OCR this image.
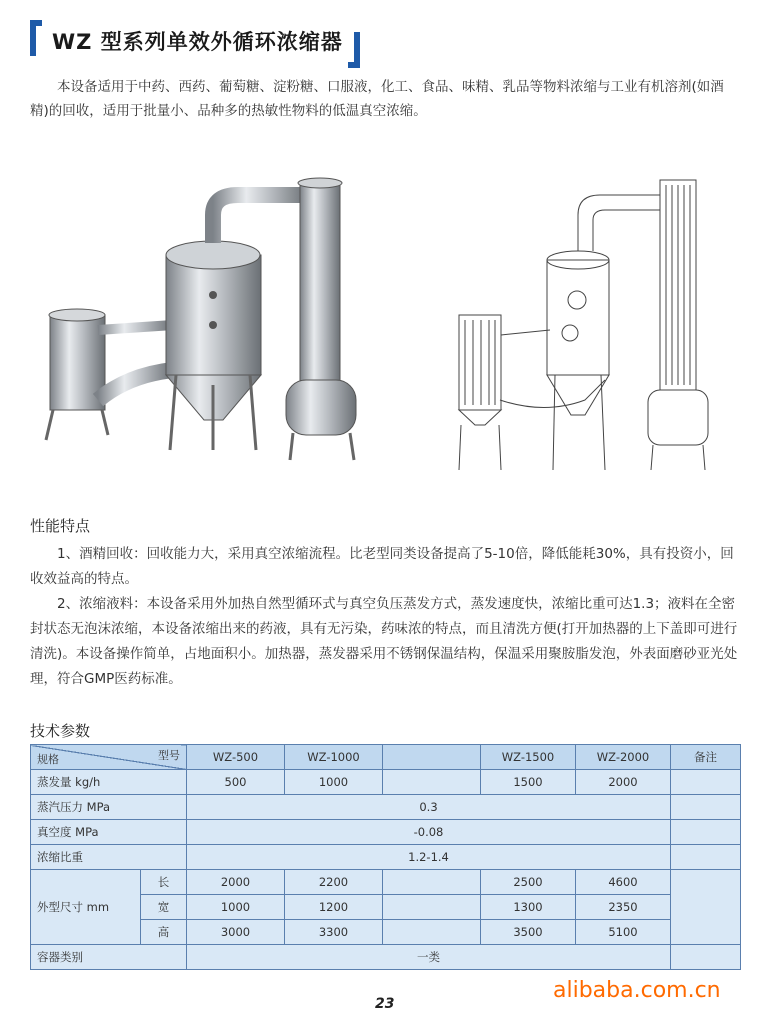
WZ 型系列单效外循环浓缩器
本设备适用于中药、西药、葡萄糖、淀粉糖、口服液，化工、食品、味精、乳品等物料浓缩与工业有机溶剂(如酒精)的回收，适用于批量小、品种多的热敏性物料的低温真空浓缩。
性能特点

1、酒精回收：回收能力大，采用真空浓缩流程。比老型同类设备提高了5-10倍，降低能耗30%，具有投资小，回收效益高的特点。

2、浓缩液料：本设备采用外加热自然型循环式与真空负压蒸发方式，蒸发速度快，浓缩比重可达1.3；液料在全密封状态无泡沫浓缩，本设备浓缩出来的药液，具有无污染，药味浓的特点，而且清洗方便(打开加热器的上下盖即可进行清洗)。本设备操作简单，占地面积小。加热器，蒸发器采用不锈钢保温结构，保温采用聚胺脂发泡，外表面磨砂亚光处理，符合GMP医药标准。

技术参数
型号
规格		WZ-500	WZ-1000		WZ-1500	WZ-2000	备注
蒸发量 kg/h		500	1000		1500	2000	
蒸汽压力 MPa		0.3					
真空度 MPa		-0.08					
浓缩比重		1.2-1.4					
外型尺寸 mm	长	2000	2200		2500	4600	
	宽	1000	1200		1300	2350	
	高	3000	3300		3500	5100	
容器类别		一类					
23
alibaba.com.cn
